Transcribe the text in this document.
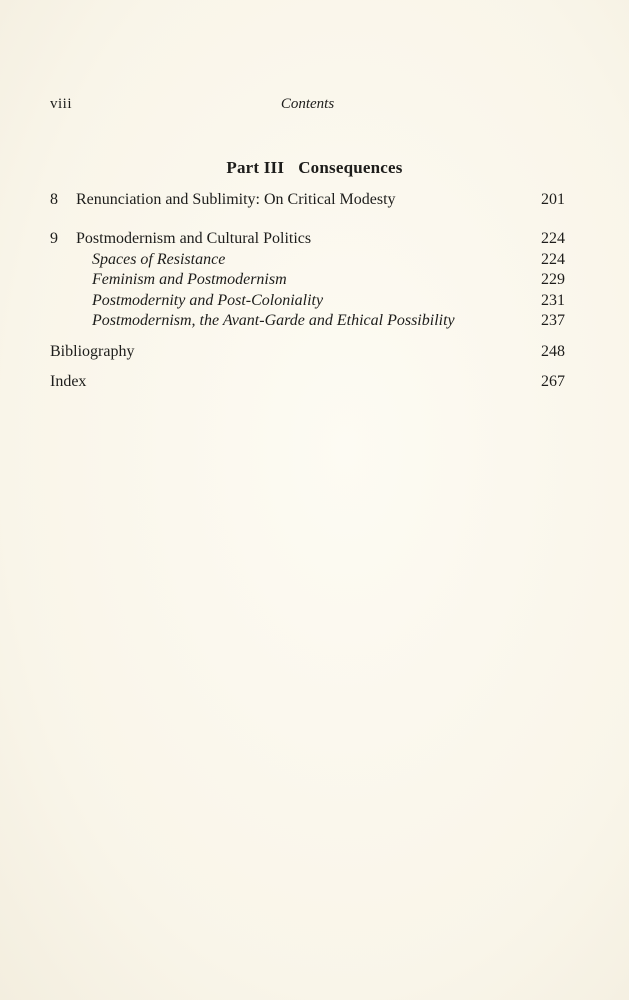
viii	Contents
Part III Consequences
8 Renunciation and Sublimity: On Critical Modesty	201
9 Postmodernism and Cultural Politics	224
Spaces of Resistance	224
Feminism and Postmodernism	229
Postmodernity and Post-Coloniality	231
Postmodernism, the Avant-Garde and Ethical Possibility	237
Bibliography	248
Index	267
